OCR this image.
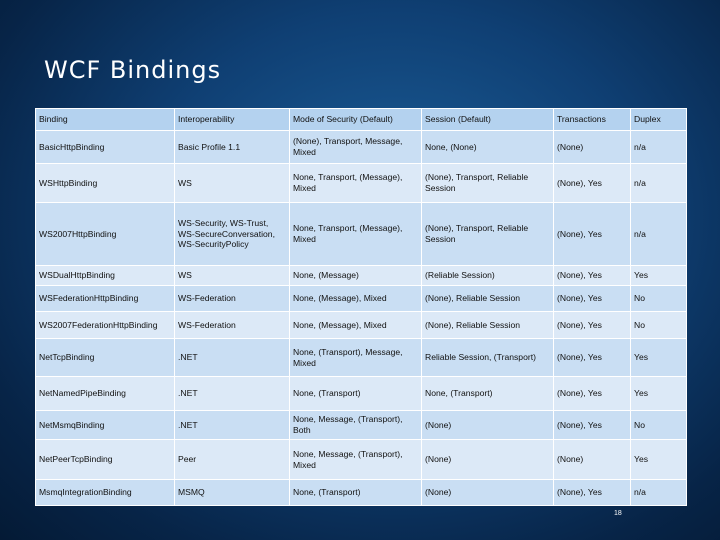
WCF Bindings
Binding	Interoperability	Mode of Security (Default)	Session (Default)	Transactions	Duplex
BasicHttpBinding	Basic Profile 1.1	(None), Transport, Message, Mixed	None, (None)	(None)	n/a
WSHttpBinding	WS	None, Transport, (Message), Mixed	(None), Transport, Reliable Session	(None), Yes	n/a
WS2007HttpBinding	WS-Security, WS-Trust, WS-SecureConversation, WS-SecurityPolicy	None, Transport, (Message), Mixed	(None), Transport, Reliable Session	(None), Yes	n/a
WSDualHttpBinding	WS	None, (Message)	(Reliable Session)	(None), Yes	Yes
WSFederationHttpBinding	WS-Federation	None, (Message), Mixed	(None), Reliable Session	(None), Yes	No
WS2007FederationHttpBinding	WS-Federation	None, (Message), Mixed	(None), Reliable Session	(None), Yes	No
NetTcpBinding	.NET	None, (Transport), Message, Mixed	Reliable Session, (Transport)	(None), Yes	Yes
NetNamedPipeBinding	.NET	None, (Transport)	None, (Transport)	(None), Yes	Yes
NetMsmqBinding	.NET	None, Message, (Transport), Both	(None)	(None), Yes	No
NetPeerTcpBinding	Peer	None, Message, (Transport), Mixed	(None)	(None)	Yes
MsmqIntegrationBinding	MSMQ	None, (Transport)	(None)	(None), Yes	n/a
18
